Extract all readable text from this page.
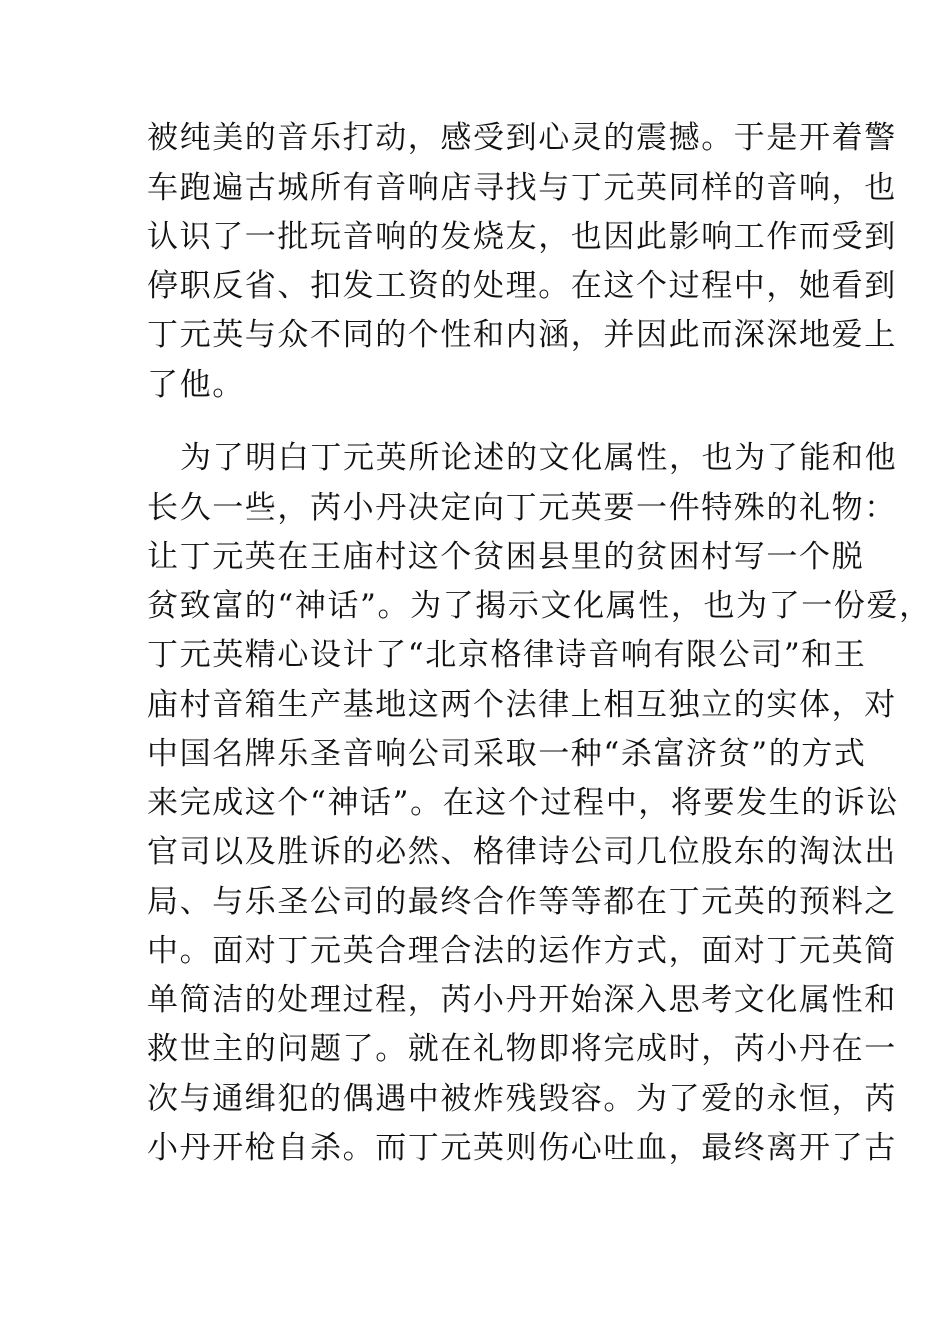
被纯美的音乐打动，感受到心灵的震撼。于是开着警
车跑遍古城所有音响店寻找与丁元英同样的音响，也
认识了一批玩音响的发烧友，也因此影响工作而受到
停职反省、扣发工资的处理。在这个过程中，她看到
丁元英与众不同的个性和内涵，并因此而深深地爱上
了他。
为了明白丁元英所论述的文化属性，也为了能和他
长久一些，芮小丹决定向丁元英要一件特殊的礼物：
让丁元英在王庙村这个贫困县里的贫困村写一个脱
贫致富的“神话”。为了揭示文化属性，也为了一份爱，
丁元英精心设计了“北京格律诗音响有限公司”和王
庙村音箱生产基地这两个法律上相互独立的实体，对
中国名牌乐圣音响公司采取一种“杀富济贫”的方式
来完成这个“神话”。在这个过程中，将要发生的诉讼
官司以及胜诉的必然、格律诗公司几位股东的淘汰出
局、与乐圣公司的最终合作等等都在丁元英的预料之
中。面对丁元英合理合法的运作方式，面对丁元英简
单简洁的处理过程，芮小丹开始深入思考文化属性和
救世主的问题了。就在礼物即将完成时，芮小丹在一
次与通缉犯的偶遇中被炸残毁容。为了爱的永恒，芮
小丹开枪自杀。而丁元英则伤心吐血，最终离开了古
